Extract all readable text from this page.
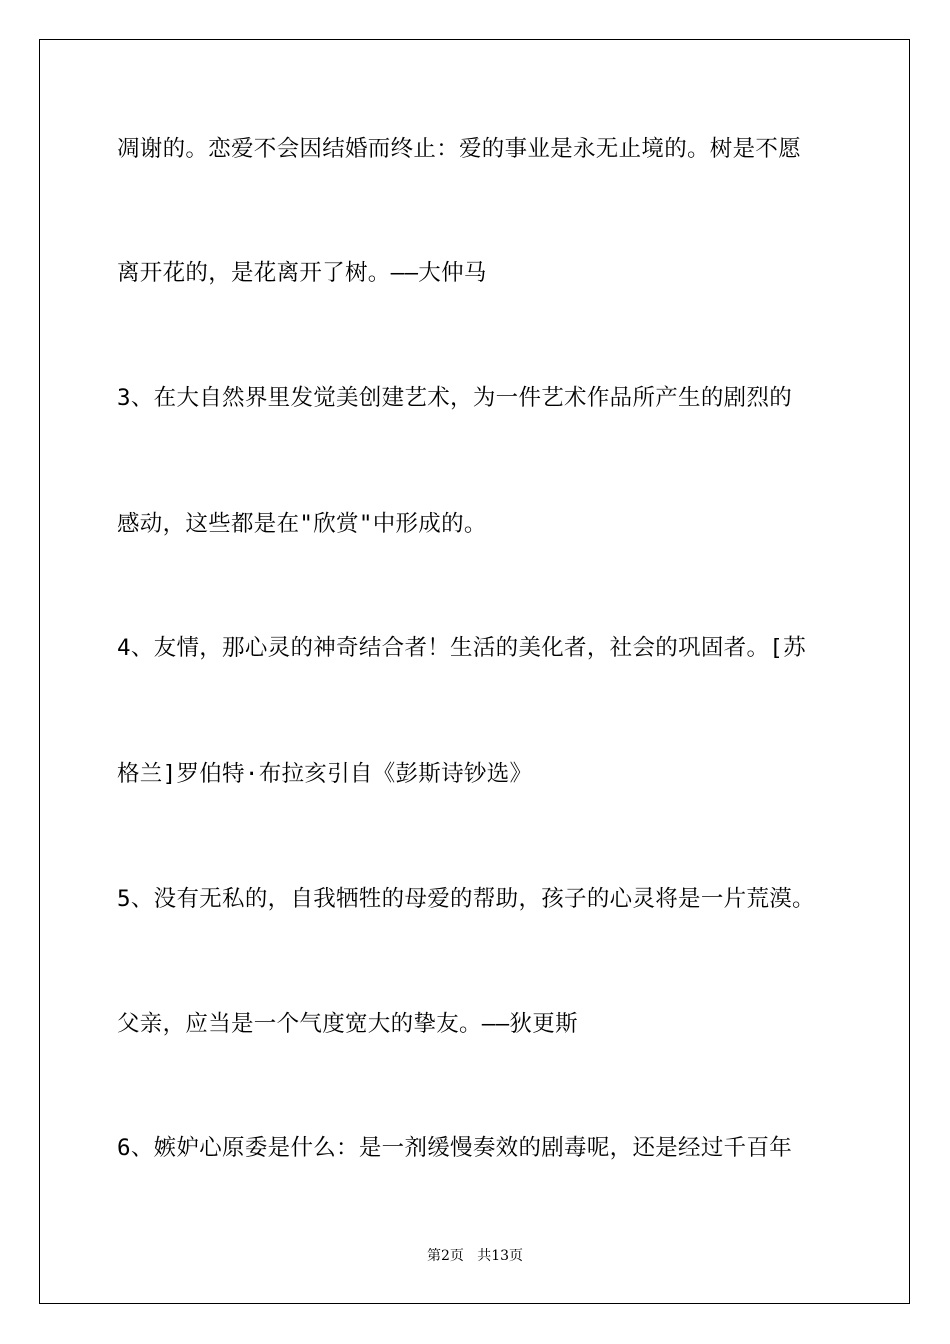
凋谢的。恋爱不会因结婚而终止：爱的事业是永无止境的。树是不愿
离开花的，是花离开了树。——大仲马
3、在大自然界里发觉美创建艺术，为一件艺术作品所产生的剧烈的
感动，这些都是在"欣赏"中形成的。
4、友情，那心灵的神奇结合者！生活的美化者，社会的巩固者。[苏
格兰]罗伯特·布拉亥引自《彭斯诗钞选》
5、没有无私的，自我牺牲的母爱的帮助，孩子的心灵将是一片荒漠。
父亲，应当是一个气度宽大的挚友。——狄更斯
6、嫉妒心原委是什么：是一剂缓慢奏效的剧毒呢，还是经过千百年
第2页   共13页
